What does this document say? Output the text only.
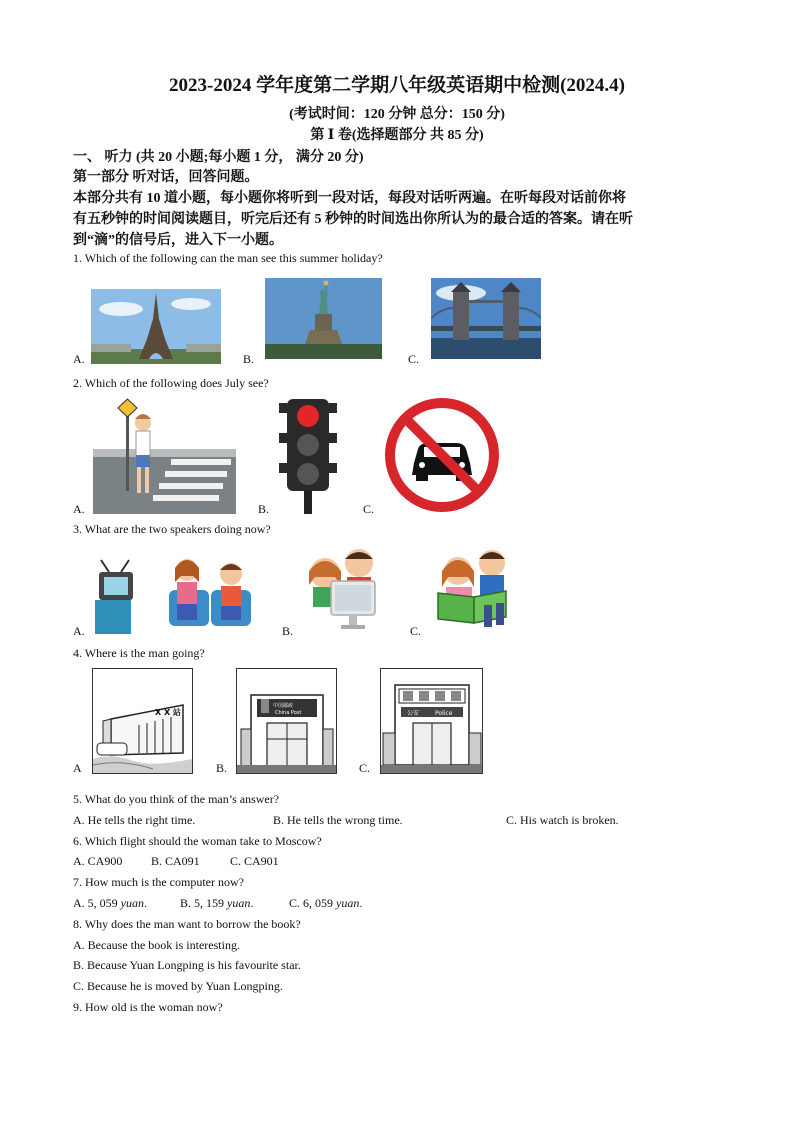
2023-2024 学年度第二学期八年级英语期中检测(2024.4)
(考试时间：120 分钟 总分：150 分)
第 Ⅰ 卷(选择题部分 共 85 分)
一、 听力 (共 20 小题;每小题 1 分， 满分 20 分)
第一部分 听对话，回答问题。
本部分共有 10 道小题，每小题你将听到一段对话，每段对话听两遍。在听每段对话前你将
有五秒钟的时间阅读题目，听完后还有 5 秒钟的时间选出你所认为的最合适的答案。请在听
到“滴”的信号后，进入下一小题。
1. Which of the following can the man see this summer holiday?
A.	B.	C.
2. Which of the following does July see?
A.	B.	C.
3. What are the two speakers doing now?
A.	B.	C.
4. Where is the man going?
A
X X 站
B.
中国邮政
China Post
C.
公安	Police
5. What do you think of the man’s answer?
A. He tells the right time.	B. He tells the wrong time.	C. His watch is broken.
6. Which flight should the woman take to Moscow?
A. CA900 B. CA091	C. CA901
7. How much is the computer now?
A. 5, 059 yuan.	B. 5, 159 yuan.	C. 6, 059 yuan.
8. Why does the man want to borrow the book?
A. Because the book is interesting.
B. Because Yuan Longping is his favourite star.
C. Because he is moved by Yuan Longping.
9. How old is the woman now?
